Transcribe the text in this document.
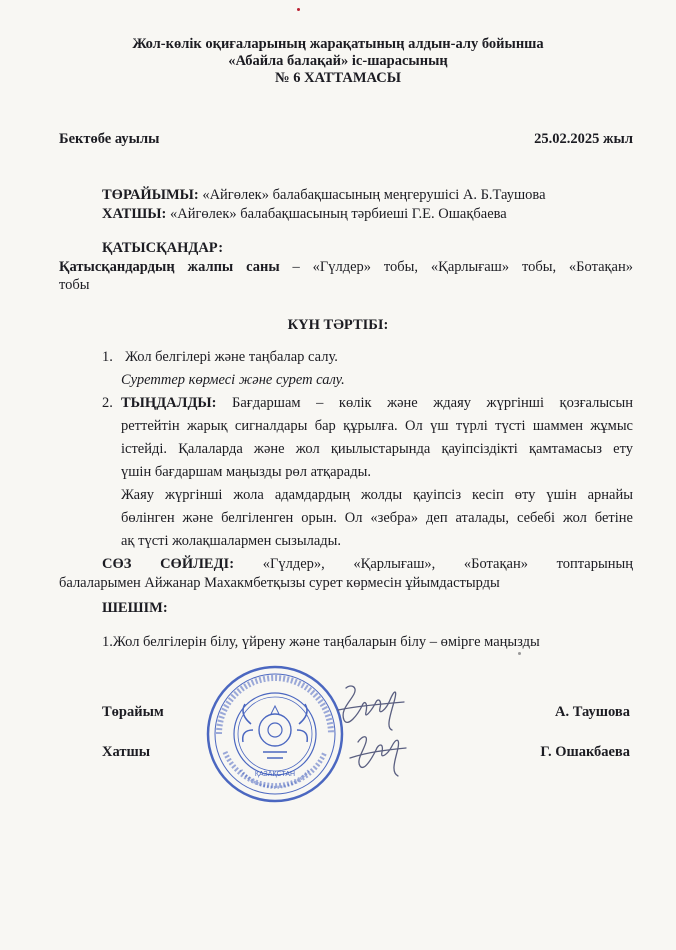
Жол-көлік оқиғаларының жарақатының алдын-алу бойынша
«Абайла балақай» іс-шарасының
№ 6 ХАТТАМАСЫ
Бектөбе ауылы	25.02.2025 жыл
ТӨРАЙЫМЫ: «Айгөлек» балабақшасының меңгерушісі А. Б.Таушова
ХАТШЫ: «Айгөлек» балабақшасының тәрбиеші Г.Е. Ошақбаева
ҚАТЫСҚАНДАР:
Қатысқандардың жалпы саны – «Гүлдер» тобы, «Қарлығаш» тобы, «Ботақан»
тобы
КҮН ТӘРТІБІ:
1. Жол белгілері және таңбалар салу.
Суреттер көрмесі және сурет салу.
2. ТЫҢДАЛДЫ: Бағдаршам – көлік және ждаяу жүргінші қозғалысын
реттейтін жарық сигналдары бар құрылға. Ол үш түрлі түсті шаммен жұмыс
істейді. Қалаларда және жол қиылыстарында қауіпсіздікті қамтамасыз ету
үшін бағдаршам маңызды рөл атқарады.
Жаяу жүргінші жола адамдардың жолды қауіпсіз кесіп өту үшін арнайы
бөлінген және белгіленген орын. Ол «зебра» деп аталады, себебі жол бетіне
ақ түсті жолақшалармен сызылады.
СӨЗ СӨЙЛЕДІ: «Гүлдер», «Қарлығаш», «Ботақан» топтарының
балаларымен Айжанар Махакмбетқызы сурет көрмесін ұйымдастырды
ШЕШІМ:
1.Жол белгілерін білу, үйрену және таңбаларын білу – өмірге маңызды
Төрайым	А. Таушова
Хатшы	Г. Ошакбаева
ҚАЗАҚСТАН
